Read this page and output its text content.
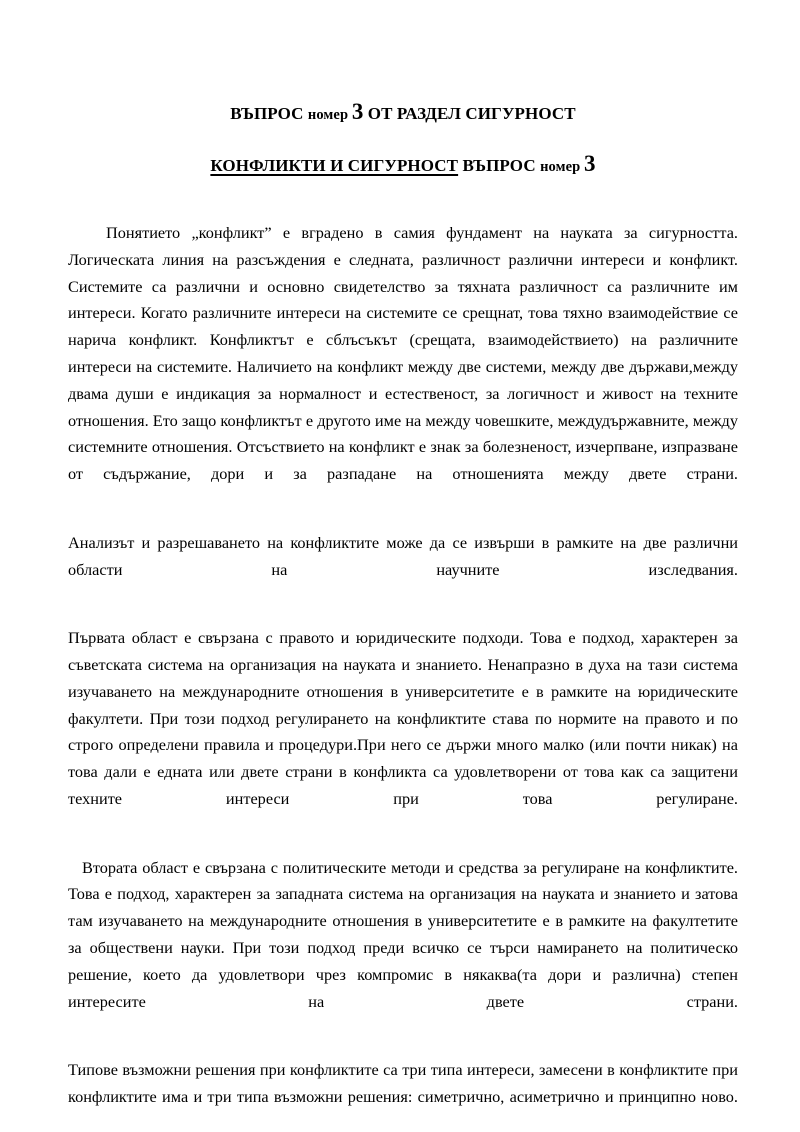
ВЪПРОС номер 3 ОТ РАЗДЕЛ СИГУРНОСТ
КОНФЛИКТИ И СИГУРНОСТ ВЪПРОС номер 3

Понятието „конфликт” е вградено в самия фундамент на науката за сигурността. Логическата линия на разсъждения е следната, различност различни интереси и конфликт. Системите са различни и основно свидетелство за тяхната различност са различните им интереси. Когато различните интереси на системите се срещнат, това тяхно взаимодействие се нарича конфликт. Конфликтът е сблъсъкът (срещата, взаимодействието) на различните интереси на системите. Наличието на конфликт между две системи, между две държави,между двама души е индикация за нормалност и естественост, за логичност и живост на техните отношения. Ето защо конфликтът е другото име на между човешките, междудържавните, между системните отношения. Отсъствието на конфликт е знак за болезненост, изчерпване, изпразване от съдържание, дори и за разпадане на отношенията между двете страни.

Анализът и разрешаването на конфликтите може да се извърши в рамките на две различни области на научните изследвания.

Първата област е свързана с правото и юридическите подходи. Това е подход, характерен за съветската система на организация на науката и знанието. Ненапразно в духа на тази система изучаването на международните отношения в университетите е в рамките на юридическите факултети. При този подход регулирането на конфликтите става по нормите на правото и по строго определени правила и процедури.При него се държи много малко (или почти никак) на това дали е едната или двете страни в конфликта са удовлетворени от това как са защитени техните интереси при това регулиране.

Втората област е свързана с политическите методи и средства за регулиране на конфликтите. Това е подход, характерен за западната система на организация на науката и знанието и затова там изучаването на международните отношения в университетите е в рамките на факултетите за обществени науки. При този подход преди всичко се търси намирането на политическо решение, което да удовлетвори чрез компромис в някаква(та дори и различна) степен интересите на двете страни.

Типове възможни решения при конфликтите са три типа интереси, замесени в конфликтите при конфликтите има и три типа възможни решения: симетрично, асиметрично и принципно ново.
